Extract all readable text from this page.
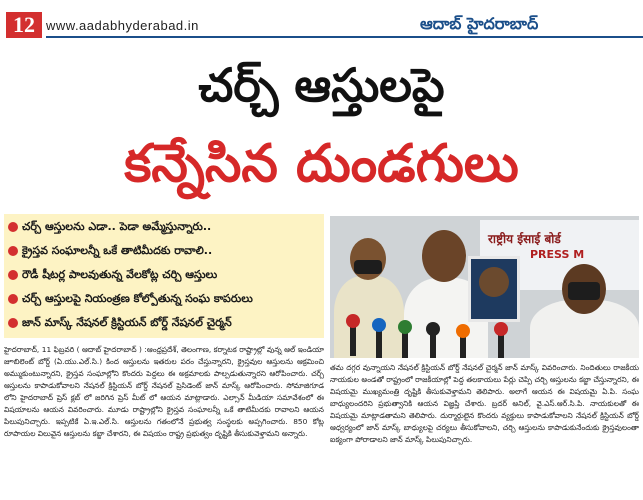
12 www.aadabhyderabad.in	ఆదాబ్ హైదరాబాద్
చర్చ్ ఆస్తులపై
కన్నేసిన దుండగులు
చర్చ్ ఆస్తులను ఎడా.. పెడా అమ్మేస్తున్నారు..
క్రైస్తవ సంఘాలన్నీ ఒకే తాటిమీదకు రావాలి..
రౌడీ షీటర్ల పాలవుతున్న వేలకోట్ల చర్చి ఆస్తులు
చర్చ్ ఆస్తులపై నియంత్రణ కోల్పోతున్న సంఘ కాపరులు
జాన్ మాస్క్ నేషనల్ క్రిస్టియన్ బోర్డ్ నేషనల్ చైర్మన్
राष्ट्रीय ईसाई बोर्ड
PRESS M
హైదరాబాద్, 11 ఫిబ్రవరి ( ఆదాబ్ హైదరాబాద్ ) :ఆంధ్రప్రదేశ్, తెలంగాణ, కర్నాటక రాష్ట్రాల్లో వున్న ఆల్ ఇండియా జూబిలెంట్ బోర్డ్ (ఏ.యు.ఎల్.సి.) కింద ఆస్తులను ఇతరుల పరం చేస్తున్నారని, క్రైస్తవుల ఆస్తులను ఆక్రమించి అమ్ముకుంటున్నారని, క్రైస్తవ సంఘాల్లోని కొందరు పెద్దలు ఈ అక్రమాలకు పాల్పడుతున్నారని ఆరోపించారు. చర్చ్ ఆస్తులను కాపాడుకోవాలని నేషనల్ క్రిస్టియన్ బోర్డ్ నేషనల్ ప్రెసిడెంట్ జాన్ మాస్క్ ఆరోపించారు. సోమాజిగూడ లోని హైదరాబాద్ ప్రెస్ క్లబ్ లో జరిగిన ప్రెస్ మీట్ లో ఆయన మాట్లాడారు. ఎల్సాన్ మీడియా సమావేశంలో ఈ విషయాలను ఆయన వివరించారు. మూడు రాష్ట్రాల్లోని క్రైస్తవ సంఘాలన్నీ ఒకే తాటిమీదకు రావాలని ఆయన పిలుపునిచ్చారు. ఇప్పటికే ఏ.ఇ.ఎల్.సి. ఆస్తులను గతంలోనే ప్రభుత్వ సంస్థలకు అప్పగించారు. 850 కోట్ల రూపాయల విలువైన ఆస్తులను కబ్జా చేశారని, ఈ విషయం రాష్ట్ర ప్రభుత్వం దృష్టికి తీసుకువెళ్తామని అన్నారు.
తమ దగ్గర వున్నాయని నేషనల్ క్రిస్టియన్ బోర్డ్ నేషనల్ చైర్మన్ జాన్ మాస్క్ వివరించారు. నిందితులు రాజకీయ నాయకుల అండతో రాష్ట్రంలో రాజకీయాల్లో పెద్ద తలకాయలు పేర్లు చెప్పి చర్చి ఆస్తులను కబ్జా చేస్తున్నారని, ఈ విషయమై ముఖ్యమంత్రి దృష్టికి తీసుకువెళ్తామని తెలిపారు. అలాగే ఆయన ఈ విషయమై ఏ.పి. సంఘ బాధ్యులందరిని ప్రభుత్వానికి ఆయన విజ్ఞప్తి చేశారు. బ్రదర్ అనిల్, వై.ఎస్.ఆర్.సి.పి. నాయకులతో ఈ విషయమై మాట్లాడతామని తెలిపారు. దుర్మార్గులైన కొందరు వ్యక్తులు కాపాడుకోవాలని నేషనల్ క్రిస్టియన్ బోర్డ్ ఆధ్వర్యంలో జాన్ మాస్క్ బాధ్యులపై చర్యలు తీసుకోవాలని, చర్చి ఆస్తులను కాపాడుకునేందుకు క్రైస్తవులంతా ఐక్యంగా పోరాడాలని జాన్ మాస్క్ పిలుపునిచ్చారు.
